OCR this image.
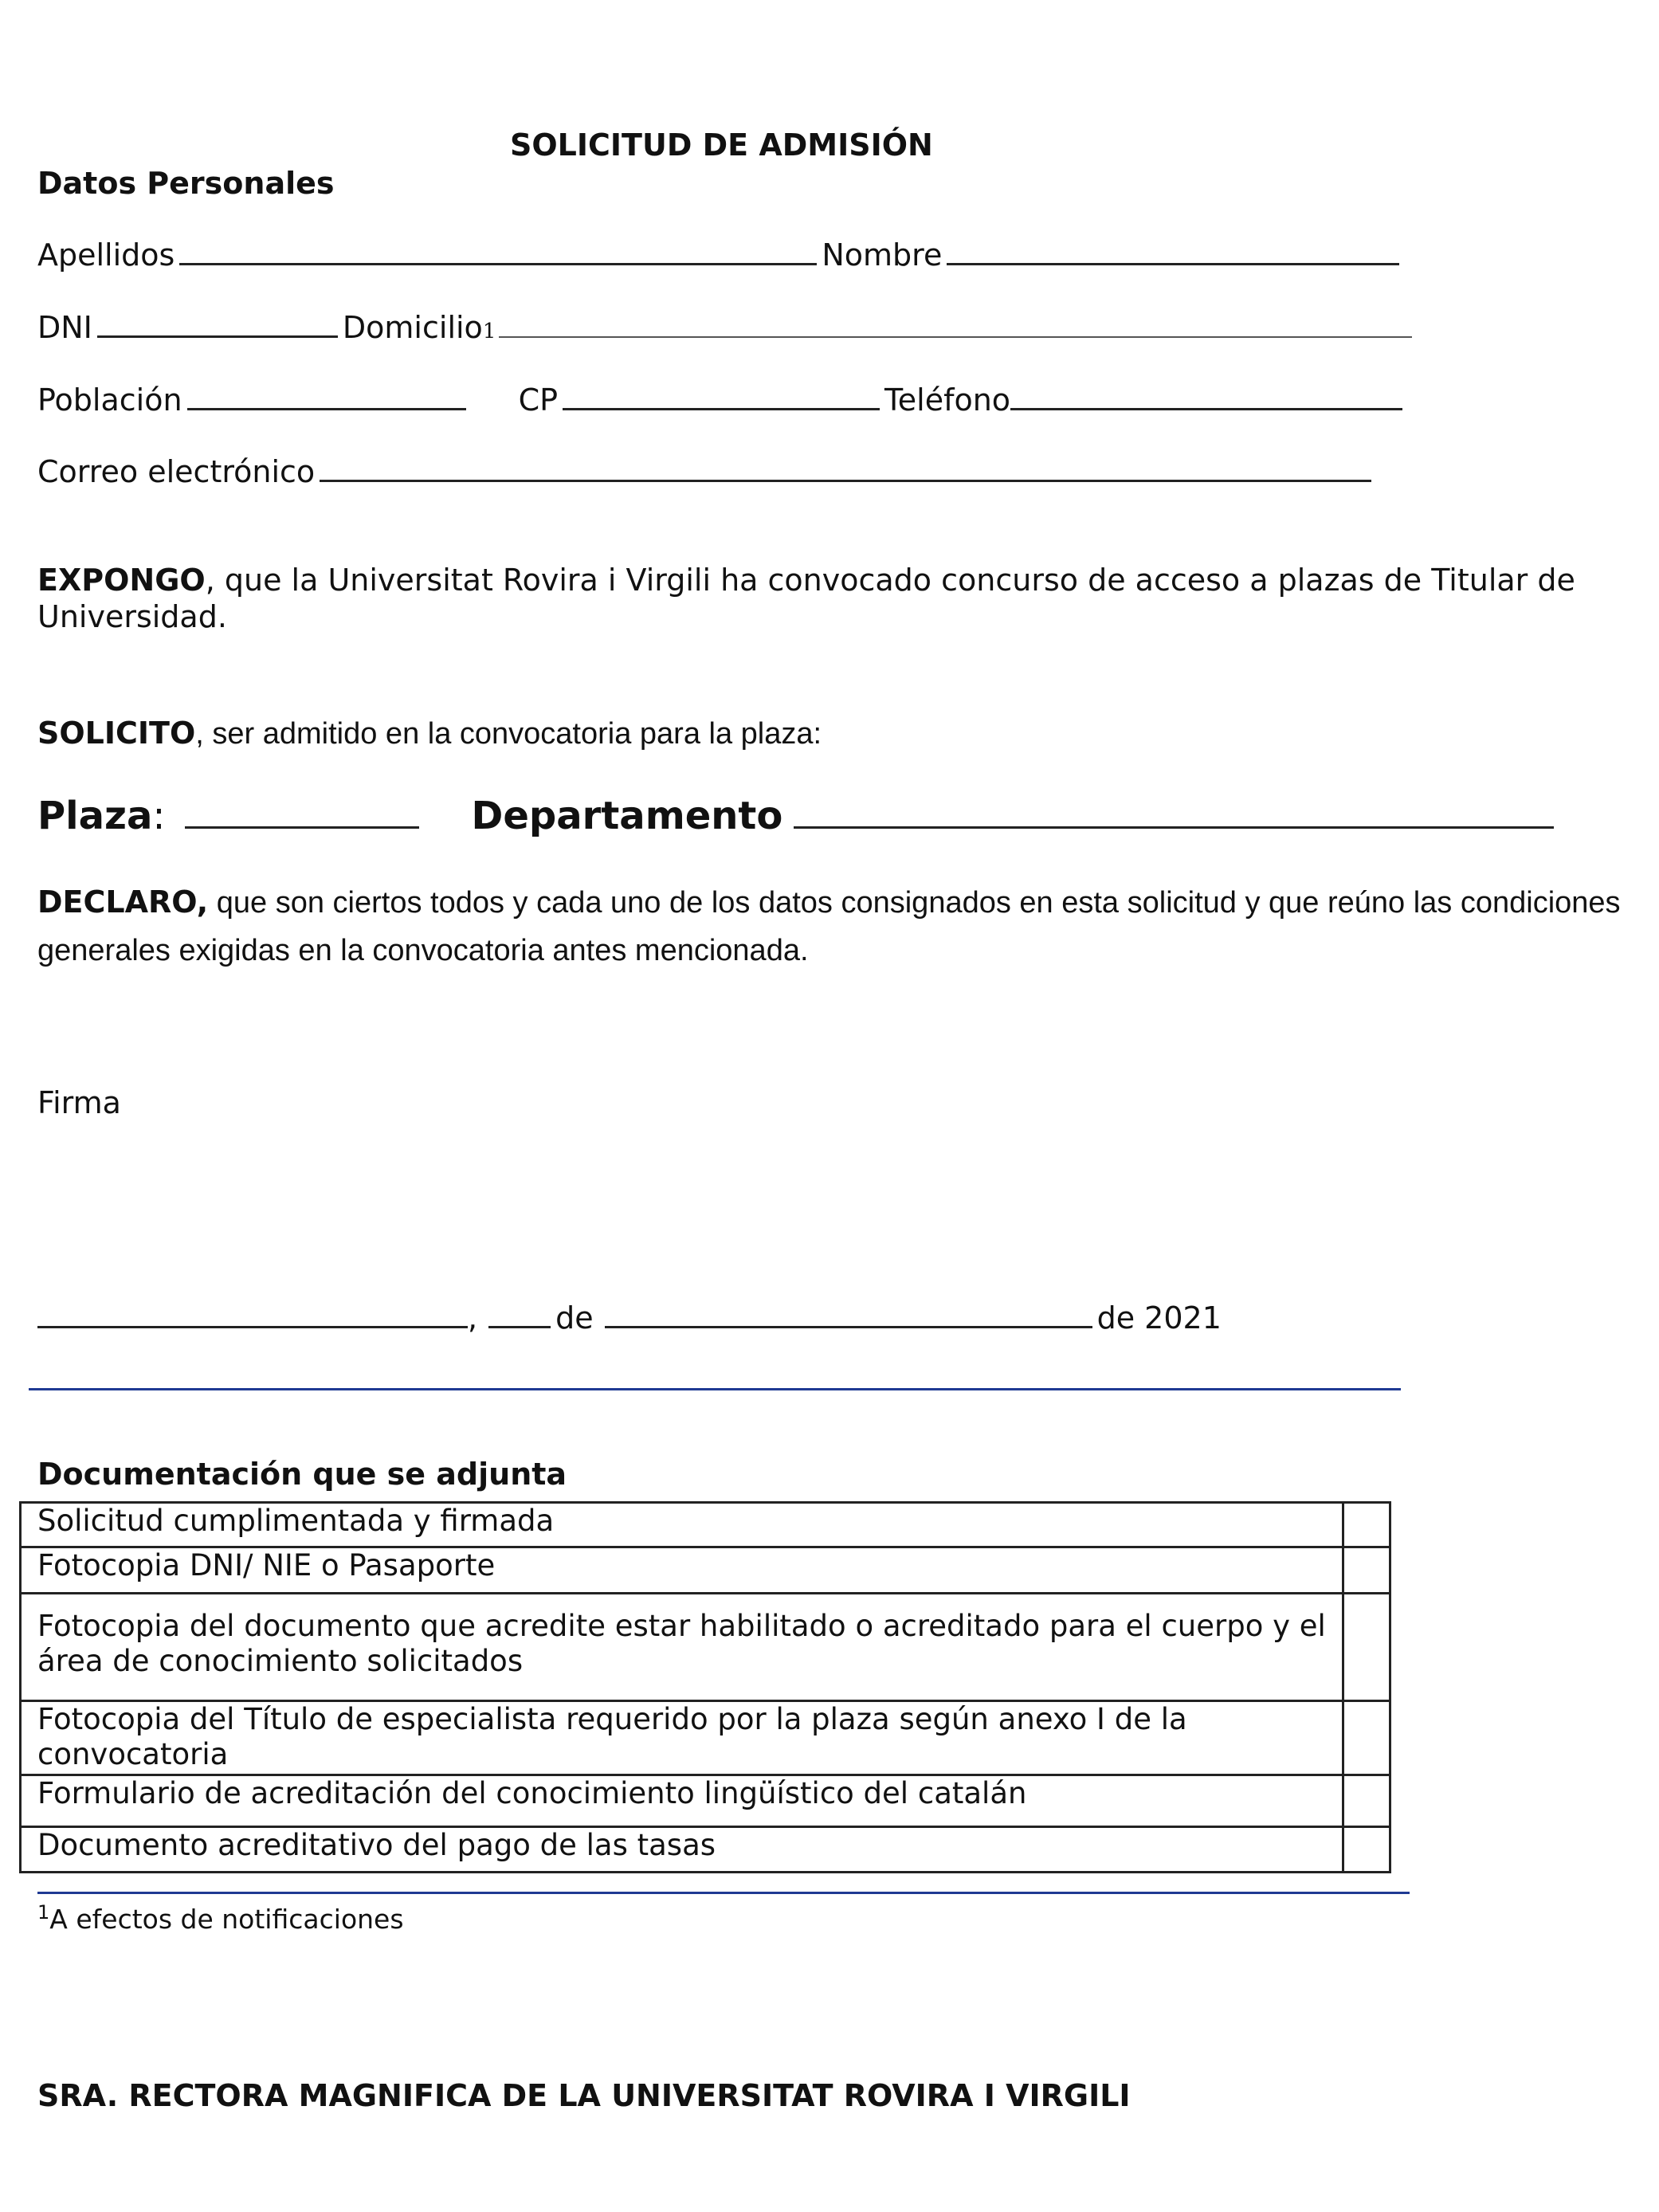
SOLICITUD DE ADMISIÓN
Datos Personales
Apellidos	Nombre
DNI	Domicilio1
Población	CP	Teléfono
Correo electrónico
EXPONGO, que la Universitat Rovira i Virgili ha convocado concurso de acceso a plazas de Titular de
Universidad.
SOLICITO, ser admitido en la convocatoria para la plaza:
Plaza:	Departamento
DECLARO, que son ciertos todos y cada uno de los datos consignados en esta solicitud y que reúno las condiciones
generales exigidas en la convocatoria antes mencionada.
Firma
,	de	de 2021
Documentación que se adjunta
Solicitud cumplimentada y firmada	
Fotocopia DNI/ NIE o Pasaporte	
Fotocopia del documento que acredite estar habilitado o acreditado para el cuerpo y el área de conocimiento solicitados	
Fotocopia del Título de especialista requerido por la plaza según anexo I de la convocatoria	
Formulario de acreditación del conocimiento lingüístico del catalán	
Documento acreditativo del pago de las tasas	
$^1$A efectos de notificaciones
SRA. RECTORA MAGNIFICA DE LA UNIVERSITAT ROVIRA I VIRGILI
